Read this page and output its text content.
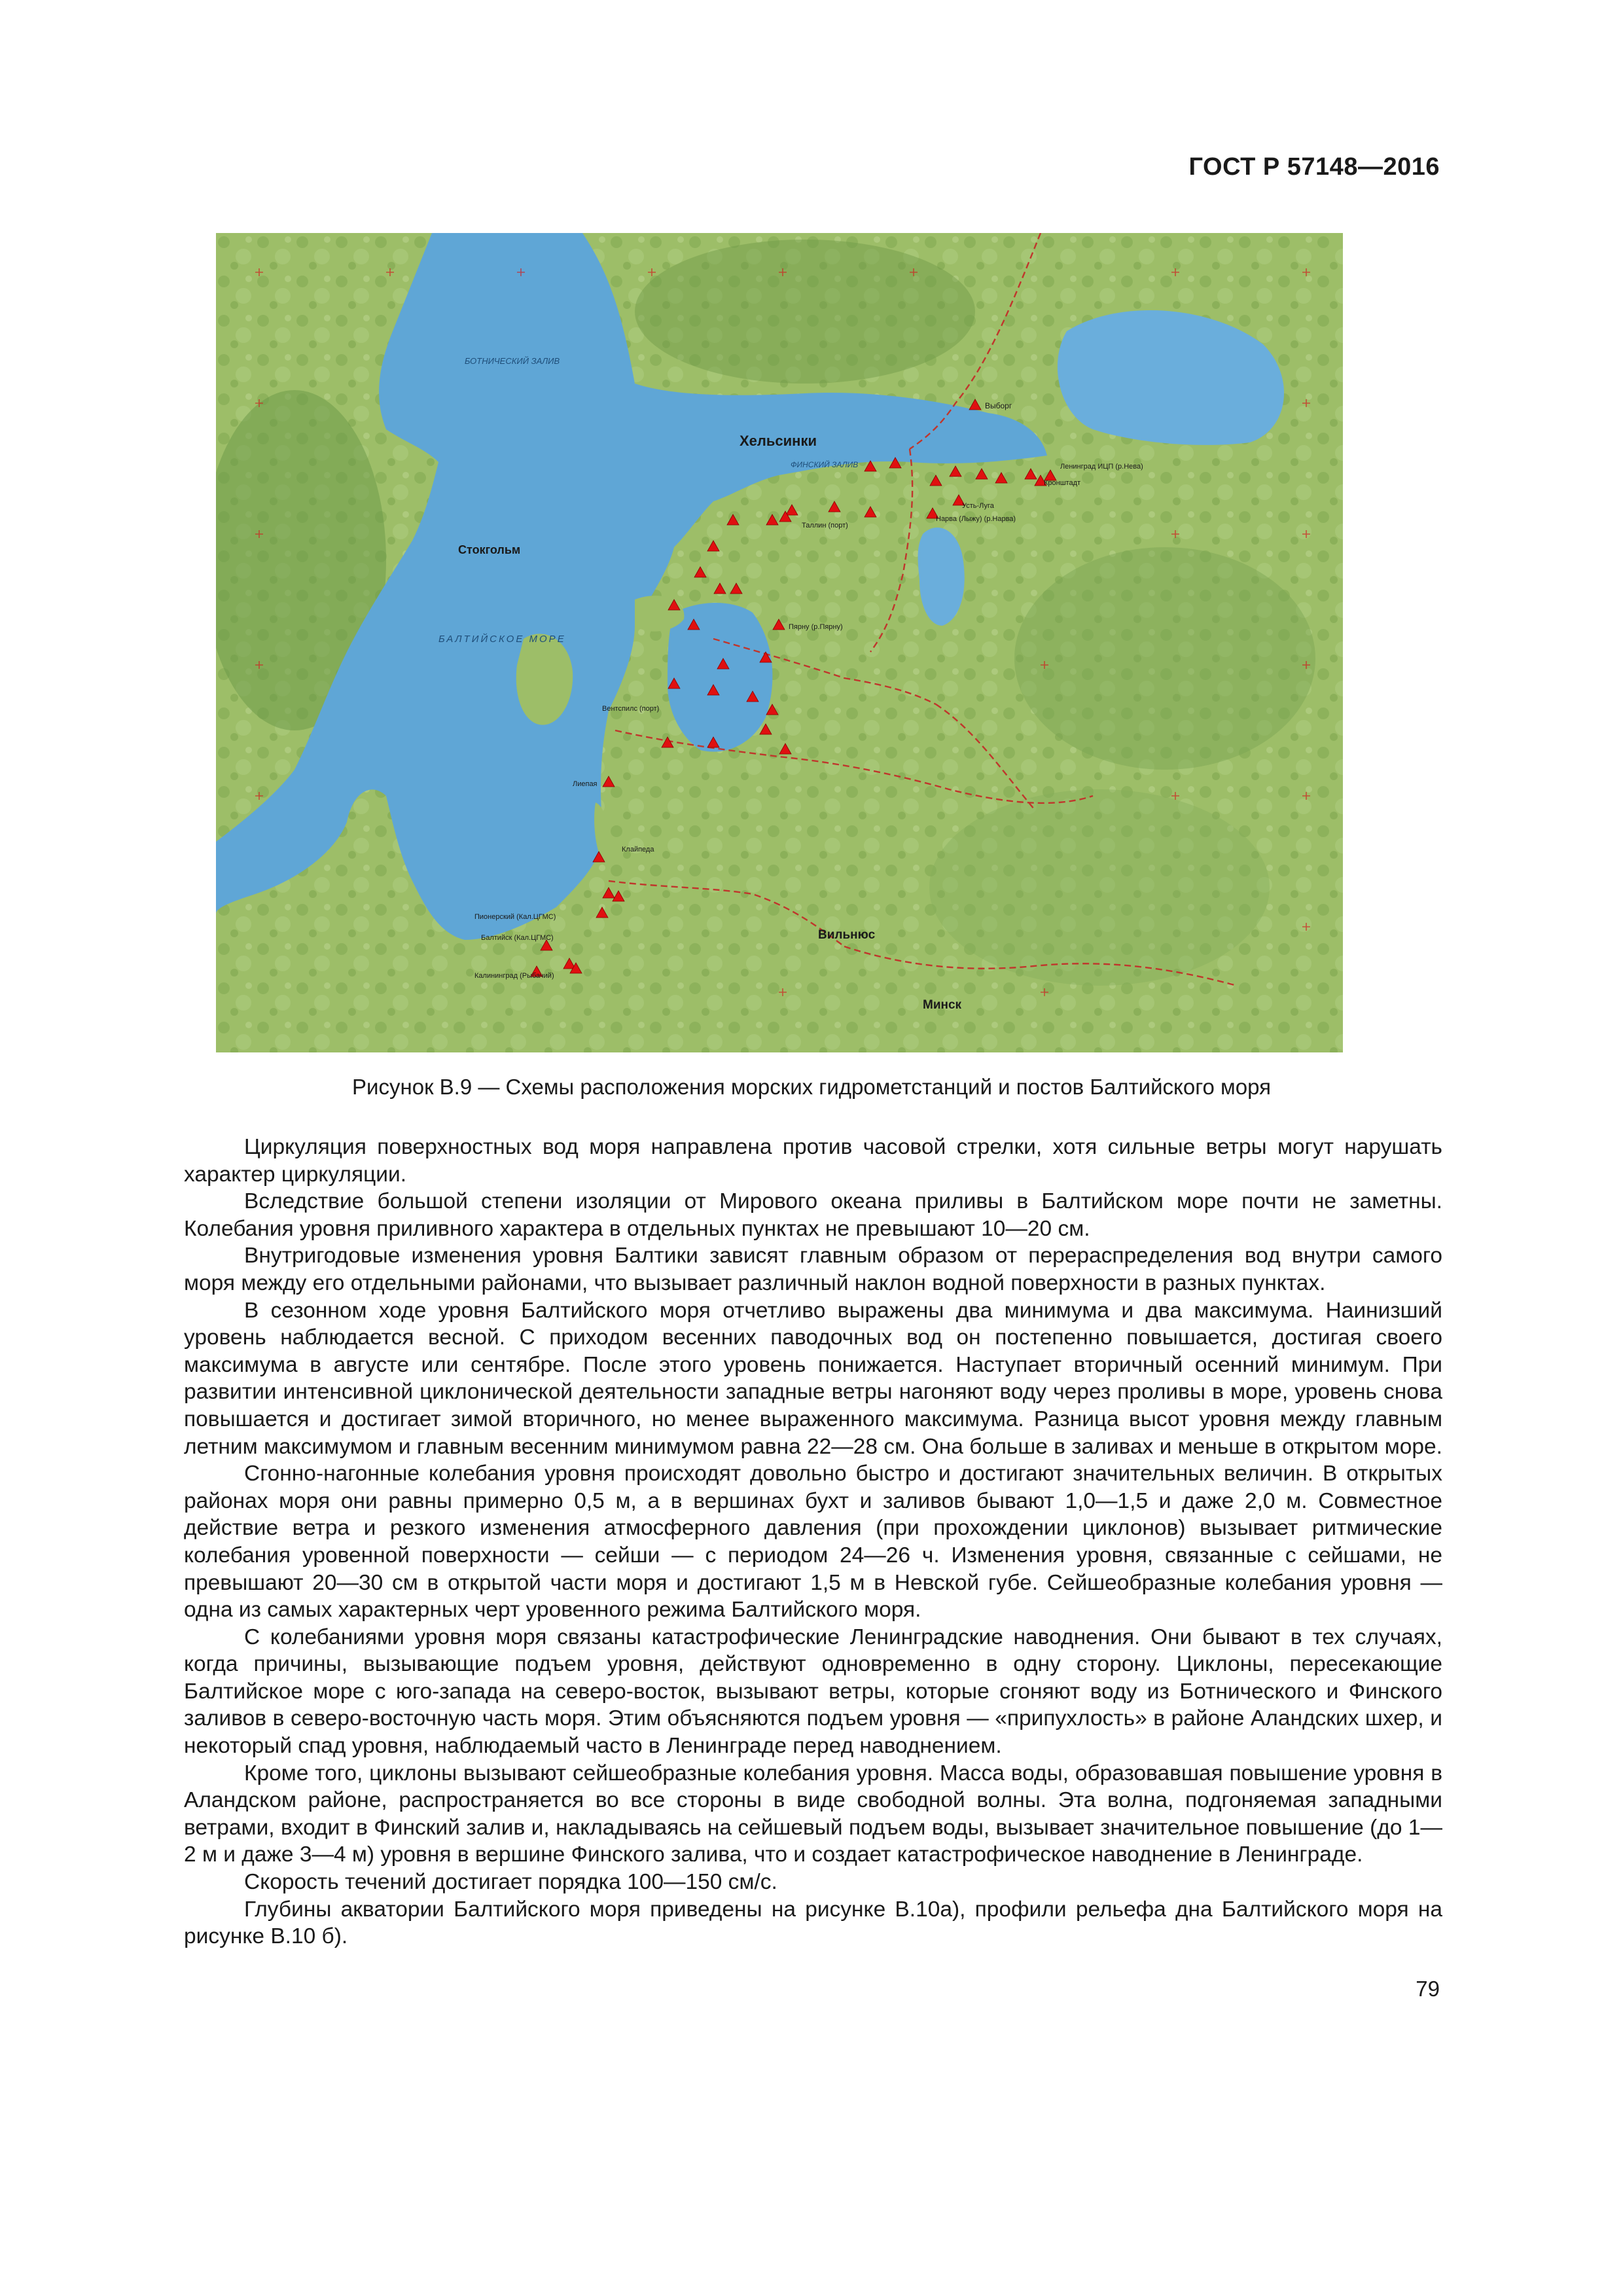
ГОСТ Р 57148—2016
БОТНИЧЕСКИЙ ЗАЛИВ
Хельсинки
ФИНСКИЙ ЗАЛИВ
Выборг
Стокгольм
БАЛТИЙСКОЕ МОРЕ
Таллин (порт)
Кронштадт
Ленинград ИЦП (р.Нева)
Усть-Луга
Нарва (Лыжу) (р.Нарва)
Пярну (р.Пярну)
Вентспилс (порт)
Лиепая
Клайпеда
Пионерский (Кал.ЦГМС)
Балтийск (Кал.ЦГМС)
Калининград (Рыбачий)
Вильнюс
Минск
Рисунок В.9 — Схемы расположения морских гидрометстанций и постов Балтийского моря

Циркуляция поверхностных вод моря направлена против часовой стрелки, хотя сильные ветры могут нарушать характер циркуляции.

Вследствие большой степени изоляции от Мирового океана приливы в Балтийском море почти не заметны. Колебания уровня приливного характера в отдельных пунктах не превышают 10—20 см.

Внутригодовые изменения уровня Балтики зависят главным образом от перераспределения вод внутри самого моря между его отдельными районами, что вызывает различный наклон водной поверхности в разных пунктах.

В сезонном ходе уровня Балтийского моря отчетливо выражены два минимума и два максимума. Наинизший уровень наблюдается весной. С приходом весенних паводочных вод он постепенно повышается, достигая своего максимума в августе или сентябре. После этого уровень понижается. Наступает вторичный осенний минимум. При развитии интенсивной циклонической деятельности западные ветры нагоняют воду через проливы в море, уровень снова повышается и достигает зимой вторичного, но менее выраженного максимума. Разница высот уровня между главным летним максимумом и главным весенним минимумом равна 22—28 см. Она больше в заливах и меньше в открытом море.

Сгонно-нагонные колебания уровня происходят довольно быстро и достигают значительных величин. В открытых районах моря они равны примерно 0,5 м, а в вершинах бухт и заливов бывают 1,0—1,5 и даже 2,0 м. Совместное действие ветра и резкого изменения атмосферного давления (при прохождении циклонов) вызывает ритмические колебания уровенной поверхности — сейши — с периодом 24—26 ч. Изменения уровня, связанные с сейшами, не превышают 20—30 см в открытой части моря и достигают 1,5 м в Невской губе. Сейшеобразные колебания уровня — одна из самых характерных черт уровенного режима Балтийского моря.

С колебаниями уровня моря связаны катастрофические Ленинградские наводнения. Они бывают в тех случаях, когда причины, вызывающие подъем уровня, действуют одновременно в одну сторону. Циклоны, пересекающие Балтийское море с юго-запада на северо-восток, вызывают ветры, которые сгоняют воду из Ботнического и Финского заливов в северо-восточную часть моря. Этим объясняются подъем уровня — «припухлость» в районе Аландских шхер, и некоторый спад уровня, наблюдаемый часто в Ленинграде перед наводнением.

Кроме того, циклоны вызывают сейшеобразные колебания уровня. Масса воды, образовавшая повышение уровня в Аландском районе, распространяется во все стороны в виде свободной волны. Эта волна, подгоняемая западными ветрами, входит в Финский залив и, накладываясь на сейшевый подъем воды, вызывает значительное повышение (до 1—2 м и даже 3—4 м) уровня в вершине Финского залива, что и создает катастрофическое наводнение в Ленинграде.

Скорость течений достигает порядка 100—150 см/с.

Глубины акватории Балтийского моря приведены на рисунке В.10а), профили рельефа дна Балтийского моря на рисунке В.10 б).

79
